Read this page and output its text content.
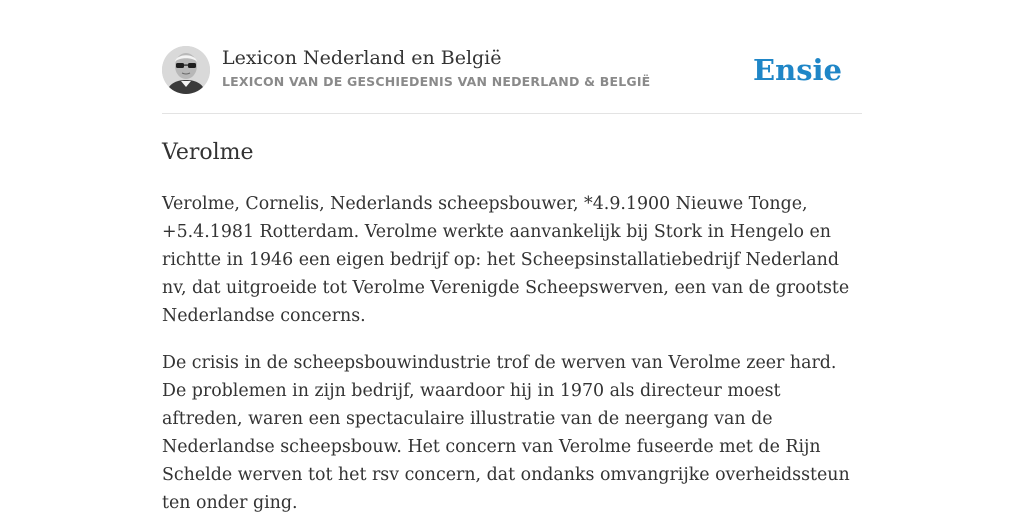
Lexicon Nederland en België
LEXICON VAN DE GESCHIEDENIS VAN NEDERLAND & BELGIË	Ensie
Verolme

Verolme, Cornelis, Nederlands scheepsbouwer, *4.9.1900 Nieuwe Tonge, +5.4.1981 Rotterdam. Verolme werkte aanvankelijk bij Stork in Hengelo en richtte in 1946 een eigen bedrijf op: het Scheepsinstallatiebedrijf Nederland nv, dat uitgroeide tot Verolme Verenigde Scheepswerven, een van de grootste Nederlandse concerns.

De crisis in de scheepsbouwindustrie trof de werven van Verolme zeer hard. De problemen in zijn bedrijf, waardoor hij in 1970 als directeur moest aftreden, waren een spectaculaire illustratie van de neergang van de Nederlandse scheepsbouw. Het concern van Verolme fuseerde met de Rijn Schelde werven tot het rsv concern, dat ondanks omvangrijke overheidssteun ten onder ging.
